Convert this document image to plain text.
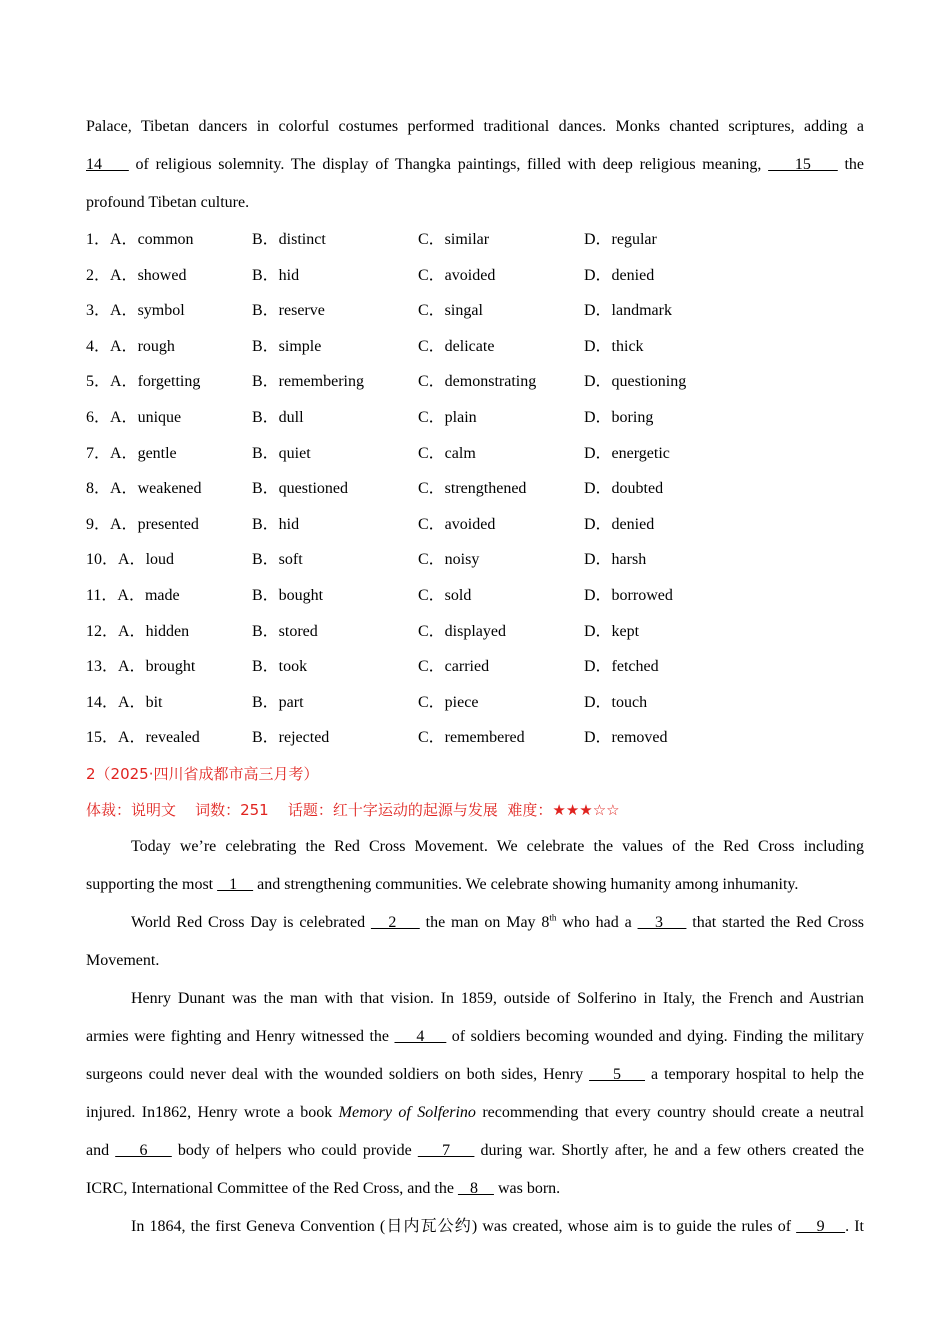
Palace, Tibetan dancers in colorful costumes performed traditional dances. Monks chanted scriptures, adding a
14     of religious solemnity. The display of Thangka paintings, filled with deep religious meaning,     15     the
profound Tibetan culture.
1．A．common	B．distinct	C．similar	D．regular
2．A．showed	B．hid	C．avoided	D．denied
3．A．symbol	B．reserve	C．singal	D．landmark
4．A．rough	B．simple	C．delicate	D．thick
5．A．forgetting	B．remembering	C．demonstrating	D．questioning
6．A．unique	B．dull	C．plain	D．boring
7．A．gentle	B．quiet	C．calm	D．energetic
8．A．weakened	B．questioned	C．strengthened	D．doubted
9．A．presented	B．hid	C．avoided	D．denied
10．A．loud	B．soft	C．noisy	D．harsh
11．A．made	B．bought	C．sold	D．borrowed
12．A．hidden	B．stored	C．displayed	D．kept
13．A．brought	B．took	C．carried	D．fetched
14．A．bit	B．part	C．piece	D．touch
15．A．revealed	B．rejected	C．remembered	D．removed
2（2025·四川省成都市高三月考）
体裁：说明文 词数：251 话题：红十字运动的起源与发展 难度：★★★☆☆
Today we’re celebrating the Red Cross Movement. We celebrate the values of the Red Cross including
supporting the most    1     and strengthening communities. We celebrate showing humanity among inhumanity.
World Red Cross Day is celebrated    2     the man on May 8th who had a    3     that started the Red Cross
Movement.
Henry Dunant was the man with that vision. In 1859, outside of Solferino in Italy, the French and Austrian
armies were fighting and Henry witnessed the     4     of soldiers becoming wounded and dying. Finding the military
surgeons could never deal with the wounded soldiers on both sides, Henry     5     a temporary hospital to help the
injured. In1862, Henry wrote a book Memory of Solferino recommending that every country should create a neutral
and     6     body of helpers who could provide     7     during war. Shortly after, he and a few others created the
ICRC, International Committee of the Red Cross, and the    8     was born.
In 1864, the first Geneva Convention (日内瓦公约) was created, whose aim is to guide the rules of     9    . It
